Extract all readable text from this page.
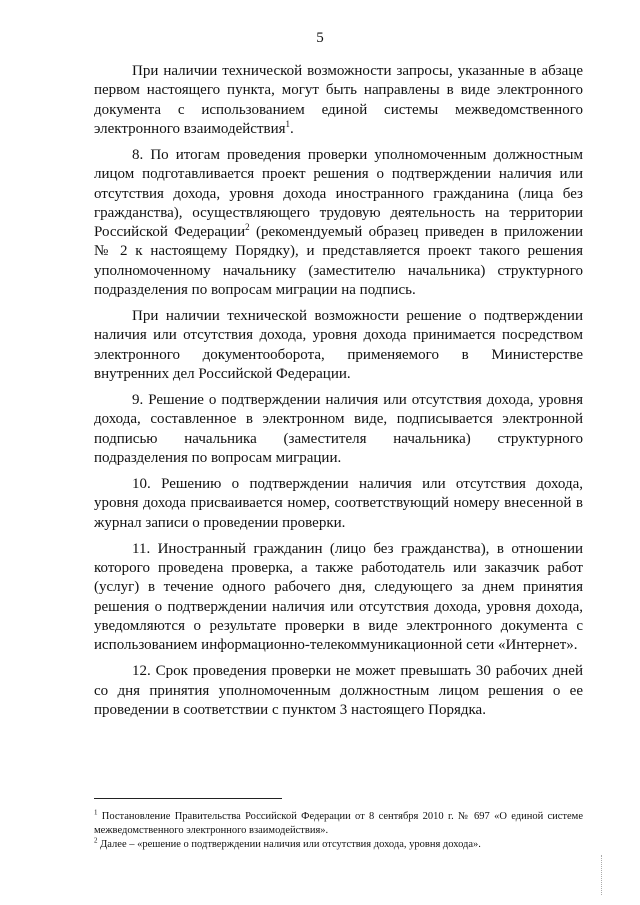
5

При наличии технической возможности запросы, указанные в абзаце первом настоящего пункта, могут быть направлены в виде электронного документа с использованием единой системы межведомственного электронного взаимодействия$^1$.

8. По итогам проведения проверки уполномоченным должностным лицом подготавливается проект решения о подтверждении наличия или отсутствия дохода, уровня дохода иностранного гражданина (лица без гражданства), осуществляющего трудовую деятельность на территории Российской Федерации$^2$ (рекомендуемый образец приведен в приложении № 2 к настоящему Порядку), и представляется проект такого решения уполномоченному начальнику (заместителю начальника) структурного подразделения по вопросам миграции на подпись.

При наличии технической возможности решение о подтверждении наличия или отсутствия дохода, уровня дохода принимается посредством электронного документооборота, применяемого в Министерстве внутренних дел Российской Федерации.

9. Решение о подтверждении наличия или отсутствия дохода, уровня дохода, составленное в электронном виде, подписывается электронной подписью начальника (заместителя начальника) структурного подразделения по вопросам миграции.

10. Решению о подтверждении наличия или отсутствия дохода, уровня дохода присваивается номер, соответствующий номеру внесенной в журнал записи о проведении проверки.

11. Иностранный гражданин (лицо без гражданства), в отношении которого проведена проверка, а также работодатель или заказчик работ (услуг) в течение одного рабочего дня, следующего за днем принятия решения о подтверждении наличия или отсутствия дохода, уровня дохода, уведомляются о результате проверки в виде электронного документа с использованием информационно-телекоммуникационной сети «Интернет».

12. Срок проведения проверки не может превышать 30 рабочих дней со дня принятия уполномоченным должностным лицом решения о ее проведении в соответствии с пунктом 3 настоящего Порядка.

$^1$ Постановление Правительства Российской Федерации от 8 сентября 2010 г. № 697 «О единой системе межведомственного электронного взаимодействия».

$^2$ Далее – «решение о подтверждении наличия или отсутствия дохода, уровня дохода».
